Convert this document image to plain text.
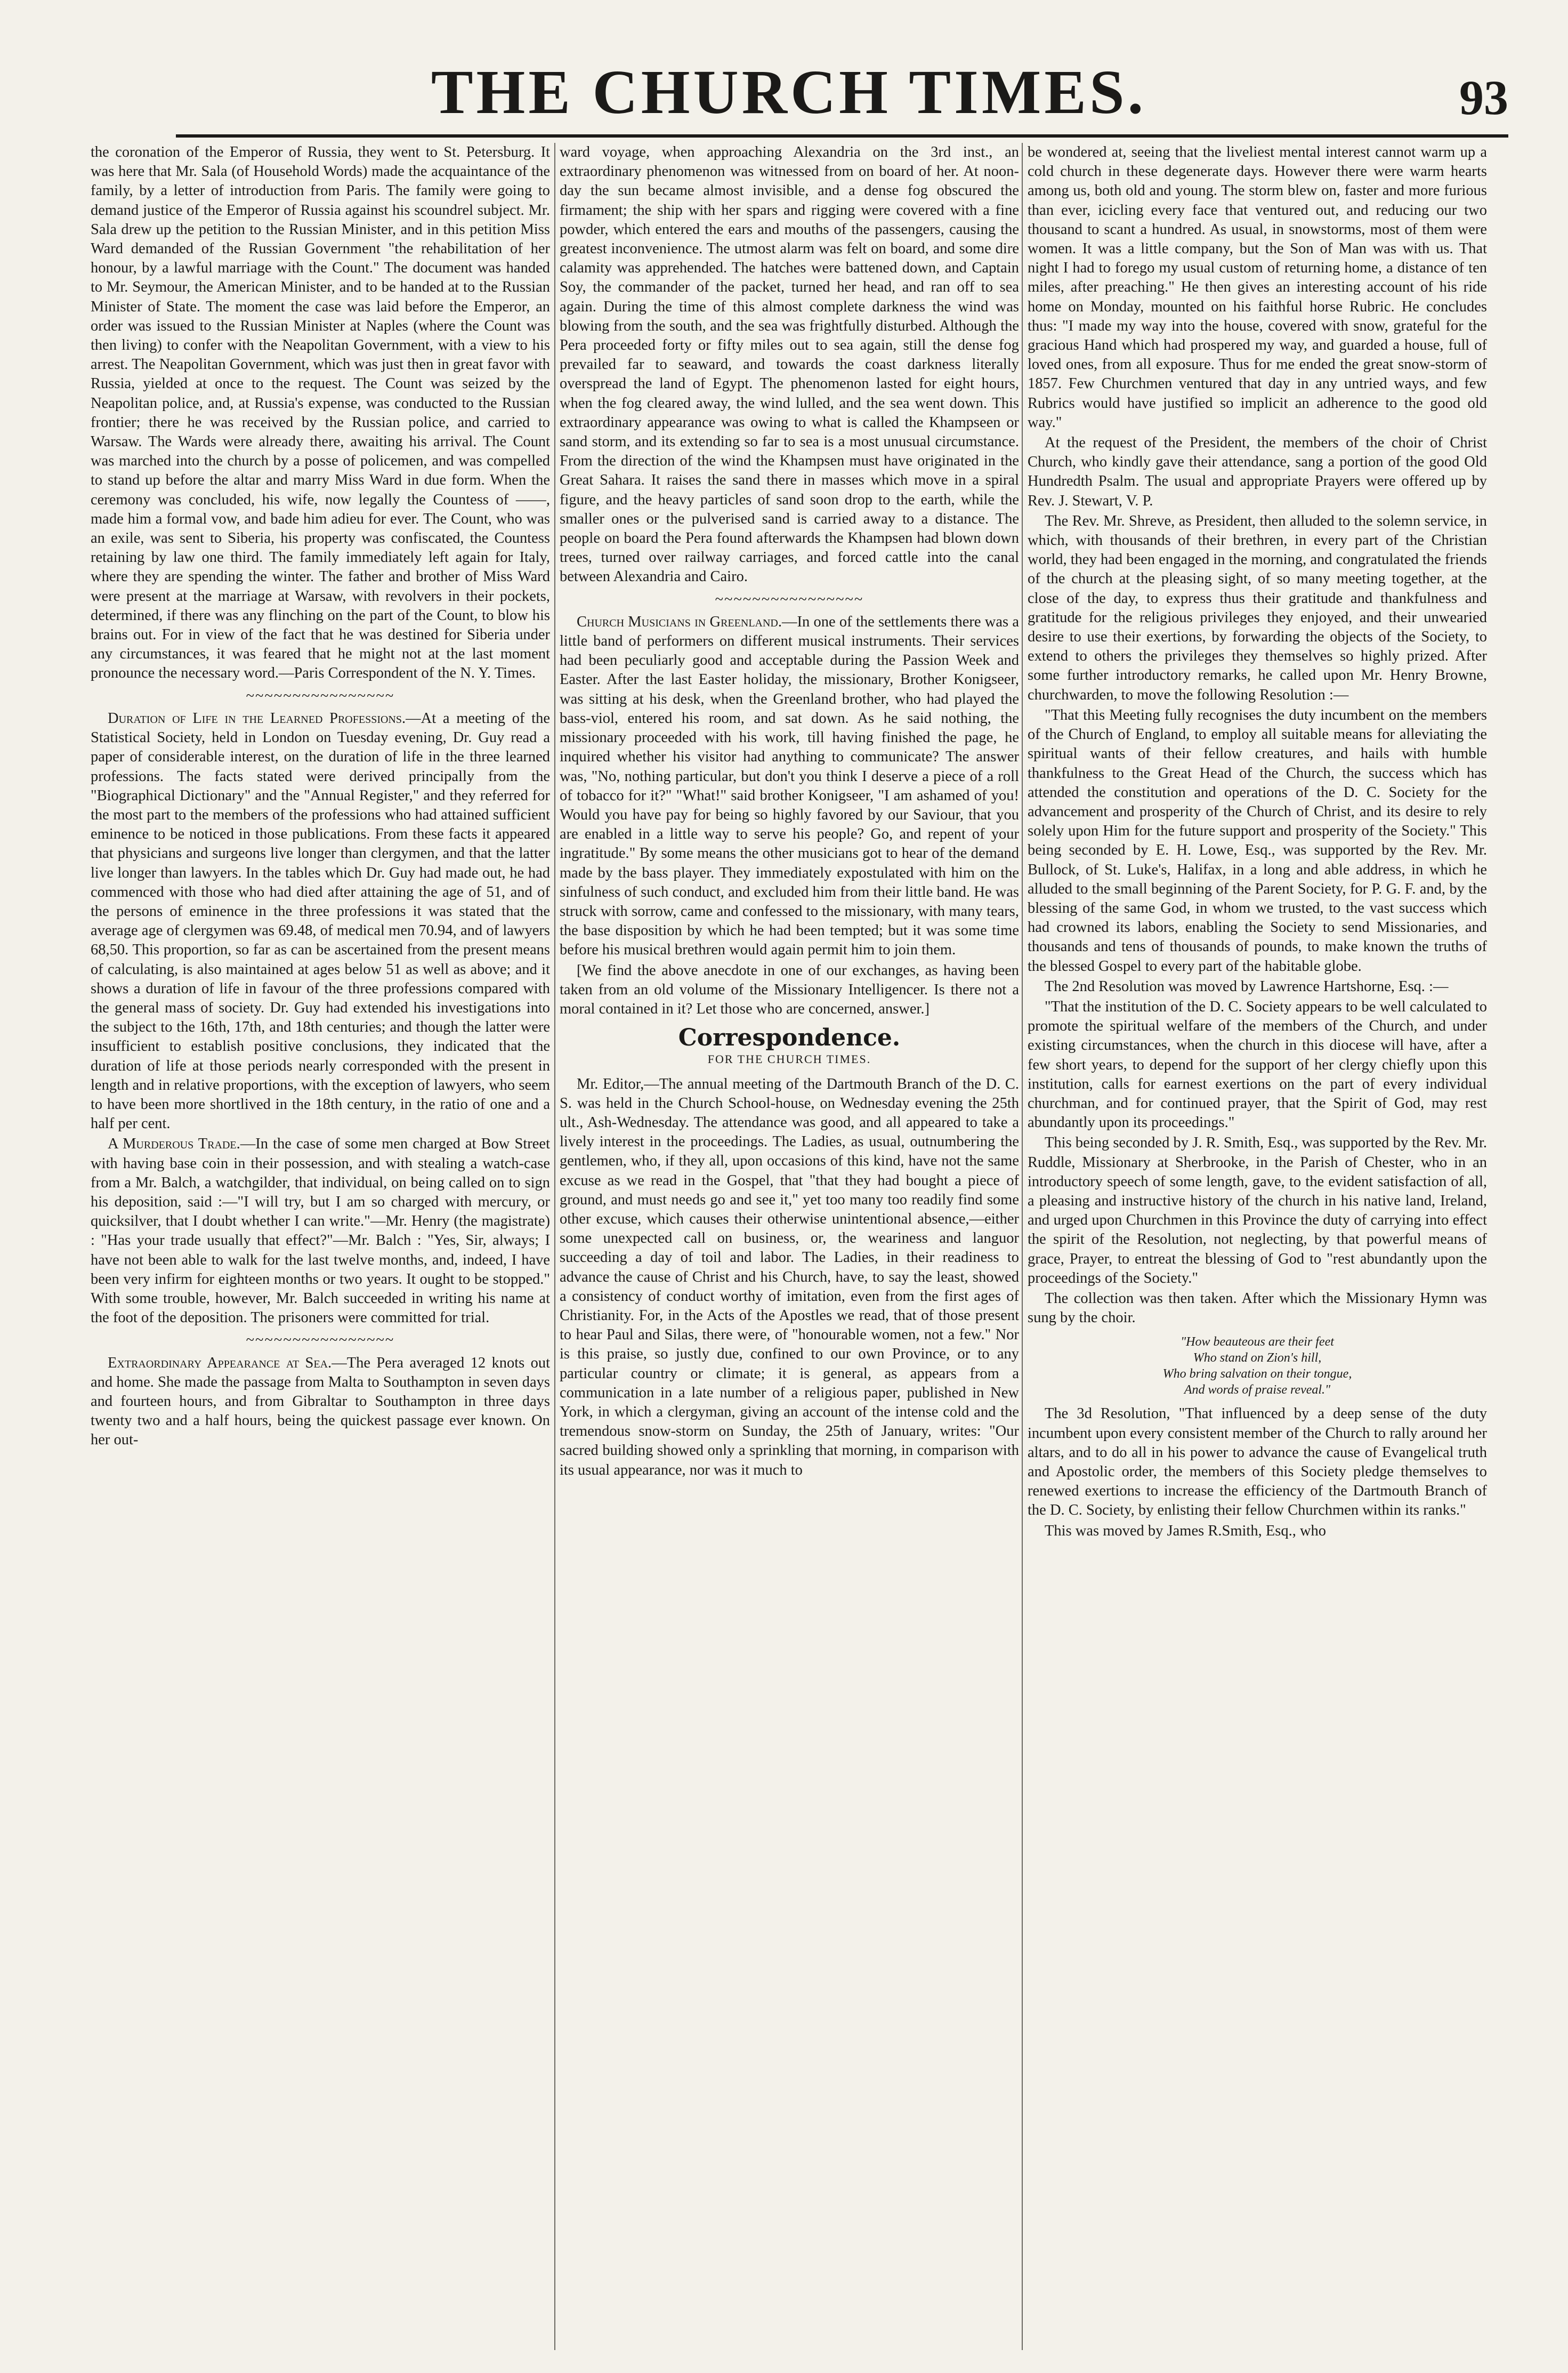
THE CHURCH TIMES.	93

the coronation of the Emperor of Russia, they went to St. Petersburg. It was here that Mr. Sala (of Household Words) made the acquaintance of the family, by a letter of introduction from Paris. The family were going to demand justice of the Emperor of Russia against his scoundrel subject. Mr. Sala drew up the petition to the Russian Minister, and in this petition Miss Ward demanded of the Russian Government "the rehabilitation of her honour, by a lawful marriage with the Count." The document was handed to Mr. Seymour, the American Minister, and to be handed at to the Russian Minister of State. The moment the case was laid before the Emperor, an order was issued to the Russian Minister at Naples (where the Count was then living) to confer with the Neapolitan Government, with a view to his arrest. The Neapolitan Government, which was just then in great favor with Russia, yielded at once to the request. The Count was seized by the Neapolitan police, and, at Russia's expense, was conducted to the Russian frontier; there he was received by the Russian police, and carried to Warsaw. The Wards were already there, awaiting his arrival. The Count was marched into the church by a posse of policemen, and was compelled to stand up before the altar and marry Miss Ward in due form. When the ceremony was concluded, his wife, now legally the Countess of ——, made him a formal vow, and bade him adieu for ever. The Count, who was an exile, was sent to Siberia, his property was confiscated, the Countess retaining by law one third. The family immediately left again for Italy, where they are spending the winter. The father and brother of Miss Ward were present at the marriage at Warsaw, with revolvers in their pockets, determined, if there was any flinching on the part of the Count, to blow his brains out. For in view of the fact that he was destined for Siberia under any circumstances, it was feared that he might not at the last moment pronounce the necessary word.—Paris Correspondent of the N. Y. Times.

~~~~~~~~~~~~~~~~

Duration of Life in the Learned Professions.—At a meeting of the Statistical Society, held in London on Tuesday evening, Dr. Guy read a paper of considerable interest, on the duration of life in the three learned professions. The facts stated were derived principally from the "Biographical Dictionary" and the "Annual Register," and they referred for the most part to the members of the professions who had attained sufficient eminence to be noticed in those publications. From these facts it appeared that physicians and surgeons live longer than clergymen, and that the latter live longer than lawyers. In the tables which Dr. Guy had made out, he had commenced with those who had died after attaining the age of 51, and of the persons of eminence in the three professions it was stated that the average age of clergymen was 69.48, of medical men 70.94, and of lawyers 68,50. This proportion, so far as can be ascertained from the present means of calculating, is also maintained at ages below 51 as well as above; and it shows a duration of life in favour of the three professions compared with the general mass of society. Dr. Guy had extended his investigations into the subject to the 16th, 17th, and 18th centuries; and though the latter were insufficient to establish positive conclusions, they indicated that the duration of life at those periods nearly corresponded with the present in length and in relative proportions, with the exception of lawyers, who seem to have been more shortlived in the 18th century, in the ratio of one and a half per cent.

A Murderous Trade.—In the case of some men charged at Bow Street with having base coin in their possession, and with stealing a watch-case from a Mr. Balch, a watchgilder, that individual, on being called on to sign his deposition, said :—"I will try, but I am so charged with mercury, or quicksilver, that I doubt whether I can write."—Mr. Henry (the magistrate) : "Has your trade usually that effect?"—Mr. Balch : "Yes, Sir, always; I have not been able to walk for the last twelve months, and, indeed, I have been very infirm for eighteen months or two years. It ought to be stopped." With some trouble, however, Mr. Balch succeeded in writing his name at the foot of the deposition. The prisoners were committed for trial.

~~~~~~~~~~~~~~~~

Extraordinary Appearance at Sea.—The Pera averaged 12 knots out and home. She made the passage from Malta to Southampton in seven days and fourteen hours, and from Gibraltar to Southampton in three days twenty two and a half hours, being the quickest passage ever known. On her out-

ward voyage, when approaching Alexandria on the 3rd inst., an extraordinary phenomenon was witnessed from on board of her. At noon-day the sun became almost invisible, and a dense fog obscured the firmament; the ship with her spars and rigging were covered with a fine powder, which entered the ears and mouths of the passengers, causing the greatest inconvenience. The utmost alarm was felt on board, and some dire calamity was apprehended. The hatches were battened down, and Captain Soy, the commander of the packet, turned her head, and ran off to sea again. During the time of this almost complete darkness the wind was blowing from the south, and the sea was frightfully disturbed. Although the Pera proceeded forty or fifty miles out to sea again, still the dense fog prevailed far to seaward, and towards the coast darkness literally overspread the land of Egypt. The phenomenon lasted for eight hours, when the fog cleared away, the wind lulled, and the sea went down. This extraordinary appearance was owing to what is called the Khampseen or sand storm, and its extending so far to sea is a most unusual circumstance. From the direction of the wind the Khampsen must have originated in the Great Sahara. It raises the sand there in masses which move in a spiral figure, and the heavy particles of sand soon drop to the earth, while the smaller ones or the pulverised sand is carried away to a distance. The people on board the Pera found afterwards the Khampsen had blown down trees, turned over railway carriages, and forced cattle into the canal between Alexandria and Cairo.

~~~~~~~~~~~~~~~~

Church Musicians in Greenland.—In one of the settlements there was a little band of performers on different musical instruments. Their services had been peculiarly good and acceptable during the Passion Week and Easter. After the last Easter holiday, the missionary, Brother Konigseer, was sitting at his desk, when the Greenland brother, who had played the bass-viol, entered his room, and sat down. As he said nothing, the missionary proceeded with his work, till having finished the page, he inquired whether his visitor had anything to communicate? The answer was, "No, nothing particular, but don't you think I deserve a piece of a roll of tobacco for it?" "What!" said brother Konigseer, "I am ashamed of you! Would you have pay for being so highly favored by our Saviour, that you are enabled in a little way to serve his people? Go, and repent of your ingratitude." By some means the other musicians got to hear of the demand made by the bass player. They immediately expostulated with him on the sinfulness of such conduct, and excluded him from their little band. He was struck with sorrow, came and confessed to the missionary, with many tears, the base disposition by which he had been tempted; but it was some time before his musical brethren would again permit him to join them.

[We find the above anecdote in one of our exchanges, as having been taken from an old volume of the Missionary Intelligencer. Is there not a moral contained in it? Let those who are concerned, answer.]

Correspondence.
FOR THE CHURCH TIMES.

Mr. Editor,—The annual meeting of the Dartmouth Branch of the D. C. S. was held in the Church School-house, on Wednesday evening the 25th ult., Ash-Wednesday. The attendance was good, and all appeared to take a lively interest in the proceedings. The Ladies, as usual, outnumbering the gentlemen, who, if they all, upon occasions of this kind, have not the same excuse as we read in the Gospel, that "that they had bought a piece of ground, and must needs go and see it," yet too many too readily find some other excuse, which causes their otherwise unintentional absence,—either some unexpected call on business, or, the weariness and languor succeeding a day of toil and labor. The Ladies, in their readiness to advance the cause of Christ and his Church, have, to say the least, showed a consistency of conduct worthy of imitation, even from the first ages of Christianity. For, in the Acts of the Apostles we read, that of those present to hear Paul and Silas, there were, of "honourable women, not a few." Nor is this praise, so justly due, confined to our own Province, or to any particular country or climate; it is general, as appears from a communication in a late number of a religious paper, published in New York, in which a clergyman, giving an account of the intense cold and the tremendous snow-storm on Sunday, the 25th of January, writes: "Our sacred building showed only a sprinkling that morning, in comparison with its usual appearance, nor was it much to

be wondered at, seeing that the liveliest mental interest cannot warm up a cold church in these degenerate days. However there were warm hearts among us, both old and young. The storm blew on, faster and more furious than ever, icicling every face that ventured out, and reducing our two thousand to scant a hundred. As usual, in snowstorms, most of them were women. It was a little company, but the Son of Man was with us. That night I had to forego my usual custom of returning home, a distance of ten miles, after preaching." He then gives an interesting account of his ride home on Monday, mounted on his faithful horse Rubric. He concludes thus: "I made my way into the house, covered with snow, grateful for the gracious Hand which had prospered my way, and guarded a house, full of loved ones, from all exposure. Thus for me ended the great snow-storm of 1857. Few Churchmen ventured that day in any untried ways, and few Rubrics would have justified so implicit an adherence to the good old way."

At the request of the President, the members of the choir of Christ Church, who kindly gave their attendance, sang a portion of the good Old Hundredth Psalm. The usual and appropriate Prayers were offered up by Rev. J. Stewart, V. P.

The Rev. Mr. Shreve, as President, then alluded to the solemn service, in which, with thousands of their brethren, in every part of the Christian world, they had been engaged in the morning, and congratulated the friends of the church at the pleasing sight, of so many meeting together, at the close of the day, to express thus their gratitude and thankfulness and gratitude for the religious privileges they enjoyed, and their unwearied desire to use their exertions, by forwarding the objects of the Society, to extend to others the privileges they themselves so highly prized. After some further introductory remarks, he called upon Mr. Henry Browne, churchwarden, to move the following Resolution :—

"That this Meeting fully recognises the duty incumbent on the members of the Church of England, to employ all suitable means for alleviating the spiritual wants of their fellow creatures, and hails with humble thankfulness to the Great Head of the Church, the success which has attended the constitution and operations of the D. C. Society for the advancement and prosperity of the Church of Christ, and its desire to rely solely upon Him for the future support and prosperity of the Society." This being seconded by E. H. Lowe, Esq., was supported by the Rev. Mr. Bullock, of St. Luke's, Halifax, in a long and able address, in which he alluded to the small beginning of the Parent Society, for P. G. F. and, by the blessing of the same God, in whom we trusted, to the vast success which had crowned its labors, enabling the Society to send Missionaries, and thousands and tens of thousands of pounds, to make known the truths of the blessed Gospel to every part of the habitable globe.

The 2nd Resolution was moved by Lawrence Hartshorne, Esq. :—

"That the institution of the D. C. Society appears to be well calculated to promote the spiritual welfare of the members of the Church, and under existing circumstances, when the church in this diocese will have, after a few short years, to depend for the support of her clergy chiefly upon this institution, calls for earnest exertions on the part of every individual churchman, and for continued prayer, that the Spirit of God, may rest abundantly upon its proceedings."

This being seconded by J. R. Smith, Esq., was supported by the Rev. Mr. Ruddle, Missionary at Sherbrooke, in the Parish of Chester, who in an introductory speech of some length, gave, to the evident satisfaction of all, a pleasing and instructive history of the church in his native land, Ireland, and urged upon Churchmen in this Province the duty of carrying into effect the spirit of the Resolution, not neglecting, by that powerful means of grace, Prayer, to entreat the blessing of God to "rest abundantly upon the proceedings of the Society."

The collection was then taken. After which the Missionary Hymn was sung by the choir.

"How beauteous are their feet
Who stand on Zion's hill,
Who bring salvation on their tongue,
And words of praise reveal."

The 3d Resolution, "That influenced by a deep sense of the duty incumbent upon every consistent member of the Church to rally around her altars, and to do all in his power to advance the cause of Evangelical truth and Apostolic order, the members of this Society pledge themselves to renewed exertions to increase the efficiency of the Dartmouth Branch of the D. C. Society, by enlisting their fellow Churchmen within its ranks."

This was moved by James R.Smith, Esq., who
